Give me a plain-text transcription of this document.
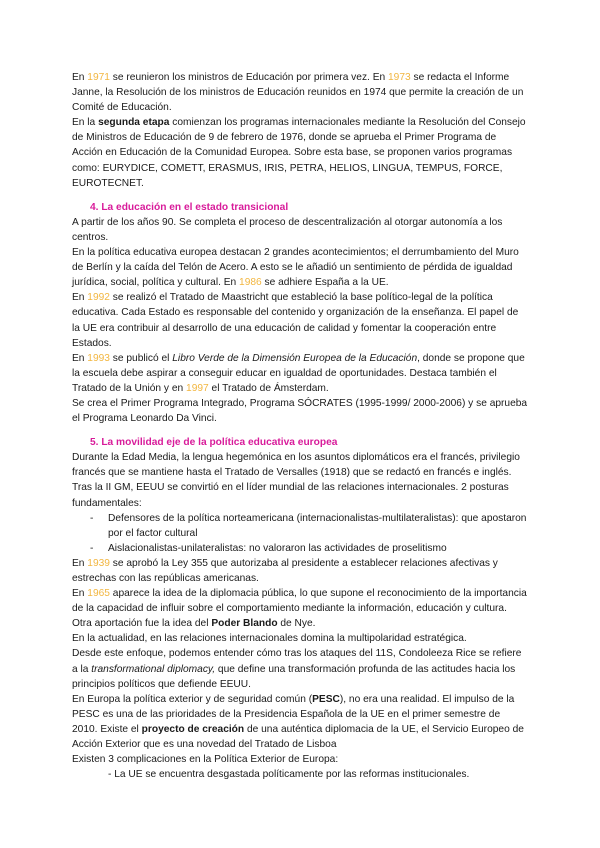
En 1971 se reunieron los ministros de Educación por primera vez. En 1973 se redacta el Informe Janne, la Resolución de los ministros de Educación reunidos en 1974 que permite la creación de un Comité de Educación.

En la segunda etapa comienzan los programas internacionales mediante la Resolución del Consejo de Ministros de Educación de 9 de febrero de 1976, donde se aprueba el Primer Programa de Acción en Educación de la Comunidad Europea. Sobre esta base, se proponen varios programas como: EURYDICE, COMETT, ERASMUS, IRIS, PETRA, HELIOS, LINGUA, TEMPUS, FORCE, EUROTECNET.

4. La educación en el estado transicional

A partir de los años 90. Se completa el proceso de descentralización al otorgar autonomía a los centros.

En la política educativa europea destacan 2 grandes acontecimientos; el derrumbamiento del Muro de Berlín y la caída del Telón de Acero. A esto se le añadió un sentimiento de pérdida de igualdad jurídica, social, política y cultural. En 1986 se adhiere España a la UE.

En 1992 se realizó el Tratado de Maastricht que estableció la base político-legal de la política educativa. Cada Estado es responsable del contenido y organización de la enseñanza. El papel de la UE era contribuir al desarrollo de una educación de calidad y fomentar la cooperación entre Estados.

En 1993 se publicó el Libro Verde de la Dimensión Europea de la Educación, donde se propone que la escuela debe aspirar a conseguir educar en igualdad de oportunidades. Destaca también el Tratado de la Unión y en 1997 el Tratado de Ámsterdam.

Se crea el Primer Programa Integrado, Programa SÓCRATES (1995-1999/ 2000-2006) y se aprueba el Programa Leonardo Da Vinci.

5. La movilidad eje de la política educativa europea

Durante la Edad Media, la lengua hegemónica en los asuntos diplomáticos era el francés, privilegio francés que se mantiene hasta el Tratado de Versalles (1918) que se redactó en francés e inglés. Tras la II GM, EEUU se convirtió en el líder mundial de las relaciones internacionales. 2 posturas fundamentales:

- Defensores de la política norteamericana (internacionalistas-multilateralistas): que apostaron por el factor cultural

- Aislacionalistas-unilateralistas: no valoraron las actividades de proselitismo

En 1939 se aprobó la Ley 355 que autorizaba al presidente a establecer relaciones afectivas y estrechas con las repúblicas americanas.

En 1965 aparece la idea de la diplomacia pública, lo que supone el reconocimiento de la importancia de la capacidad de influir sobre el comportamiento mediante la información, educación y cultura. Otra aportación fue la idea del Poder Blando de Nye.

En la actualidad, en las relaciones internacionales domina la multipolaridad estratégica.

Desde este enfoque, podemos entender cómo tras los ataques del 11S, Condoleeza Rice se refiere a la transformational diplomacy, que define una transformación profunda de las actitudes hacia los principios políticos que defiende EEUU.

En Europa la política exterior y de seguridad común (PESC), no era una realidad. El impulso de la PESC es una de las prioridades de la Presidencia Española de la UE en el primer semestre de 2010. Existe el proyecto de creación de una auténtica diplomacia de la UE, el Servicio Europeo de Acción Exterior que es una novedad del Tratado de Lisboa

Existen 3 complicaciones en la Política Exterior de Europa:

- La UE se encuentra desgastada políticamente por las reformas institucionales.
